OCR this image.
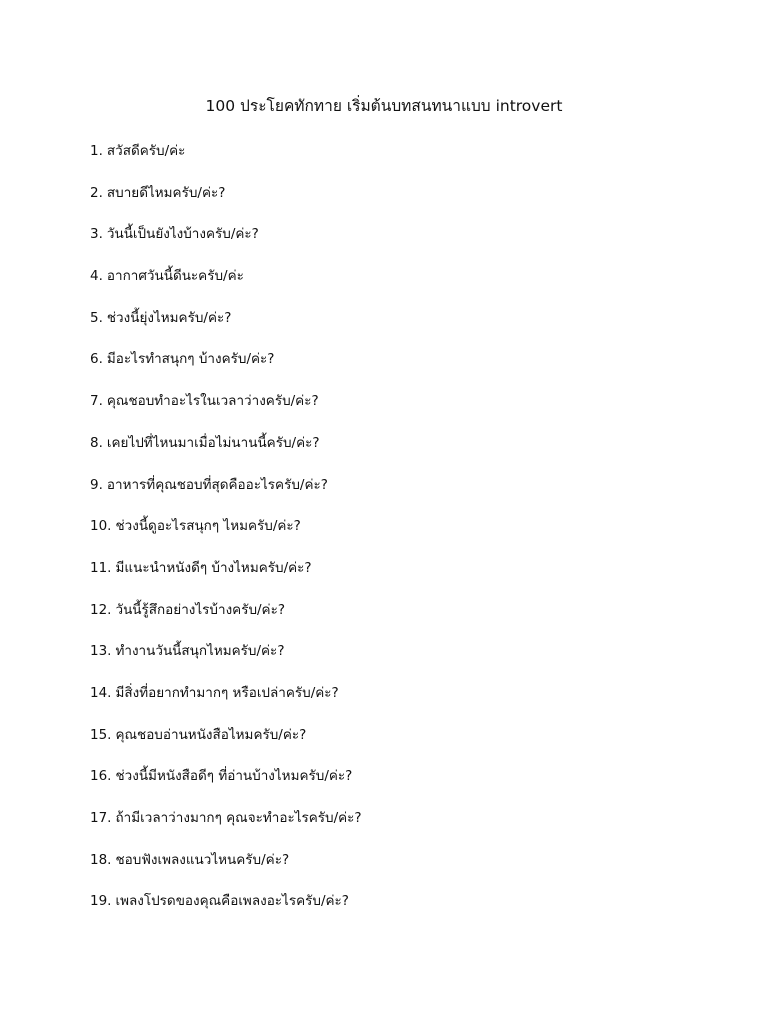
100 ประโยคทักทาย เริ่มต้นบทสนทนาแบบ introvert
1. สวัสดีครับ/ค่ะ
2. สบายดีไหมครับ/ค่ะ?
3. วันนี้เป็นยังไงบ้างครับ/ค่ะ?
4. อากาศวันนี้ดีนะครับ/ค่ะ
5. ช่วงนี้ยุ่งไหมครับ/ค่ะ?
6. มีอะไรทำสนุกๆ บ้างครับ/ค่ะ?
7. คุณชอบทำอะไรในเวลาว่างครับ/ค่ะ?
8. เคยไปที่ไหนมาเมื่อไม่นานนี้ครับ/ค่ะ?
9. อาหารที่คุณชอบที่สุดคืออะไรครับ/ค่ะ?
10. ช่วงนี้ดูอะไรสนุกๆ ไหมครับ/ค่ะ?
11. มีแนะนำหนังดีๆ บ้างไหมครับ/ค่ะ?
12. วันนี้รู้สึกอย่างไรบ้างครับ/ค่ะ?
13. ทำงานวันนี้สนุกไหมครับ/ค่ะ?
14. มีสิ่งที่อยากทำมากๆ หรือเปล่าครับ/ค่ะ?
15. คุณชอบอ่านหนังสือไหมครับ/ค่ะ?
16. ช่วงนี้มีหนังสือดีๆ ที่อ่านบ้างไหมครับ/ค่ะ?
17. ถ้ามีเวลาว่างมากๆ คุณจะทำอะไรครับ/ค่ะ?
18. ชอบฟังเพลงแนวไหนครับ/ค่ะ?
19. เพลงโปรดของคุณคือเพลงอะไรครับ/ค่ะ?
